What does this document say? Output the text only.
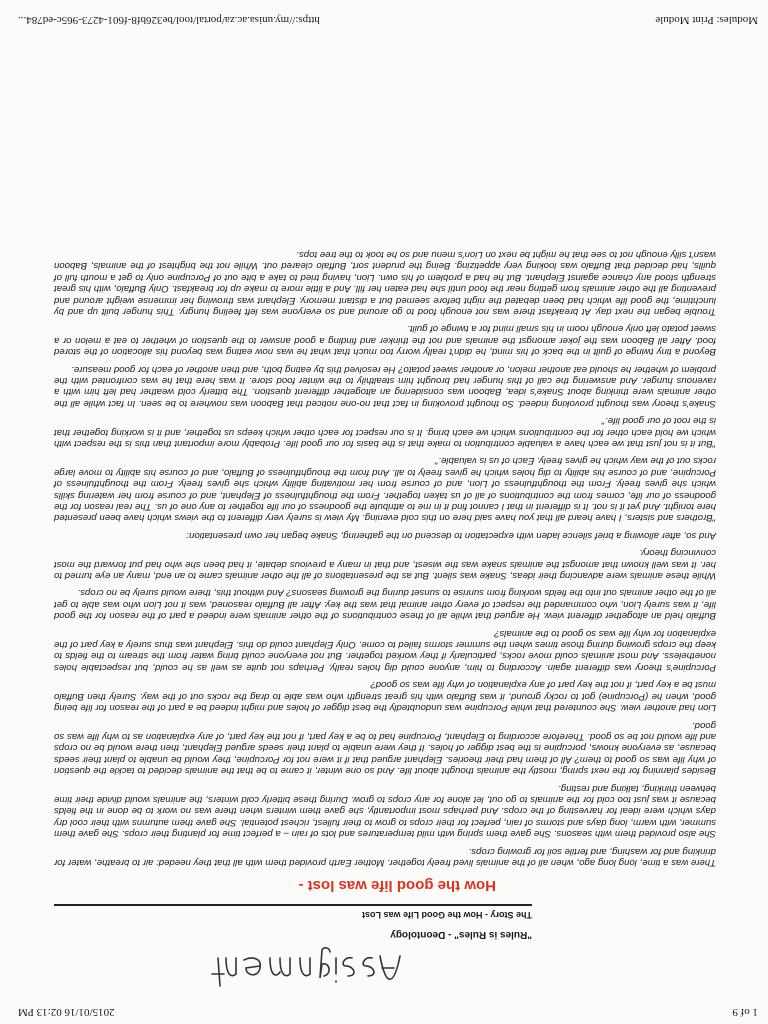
1 of 9
2015/01/16 02:13 PM
"Rules is Rules" - Deontology
The Story - How the Good Life was Lost
How the good life was lost -

There was a time, long long ago, when all of the animals lived freely together. Mother Earth provided them with all that they needed: air to breathe, water for drinking and for washing, and fertile soil for growing crops.

She also provided them with seasons. She gave them spring with mild temperatures and lots of rain – a perfect time for planting their crops. She gave them summer, with warm, long days and storms of rain, perfect for their crops to grow to their fullest, richest potential. She gave them autumns with their cool dry days which were ideal for harvesting of the crops. And perhaps most importantly, she gave them winters when there was no work to be done in the fields because it was just too cold for the animals to go out, let alone for any crops to grow. During these bitterly cold winters, the animals would divide their time between thinking, talking and resting.

Besides planning for the next spring, mostly the animals thought about life. And so one winter, it came to be that the animals decided to tackle the question of why life was so good to them? All of them had their theories. Elephant argued that if it were not for Porcupine, they would be unable to plant their seeds because, as everyone knows, porcupine is the best digger of holes. If they were unable to plant their seeds argued Elephant, then there would be no crops and life would not be so good. Therefore according to Elephant, Porcupine had to be a key part, if not the key part, of any explanation as to why life was so good.

Lion had another view. She countered that while Porcupine was undoubtedly the best digger of holes and might indeed be a part of the reason for life being good, when he (Porcupine) got to rocky ground, it was Buffalo with his great strength who was able to drag the rocks out of the way. Surely then Buffalo must be a key part, if not the key part of any explanation of why life was so good?

Porcupine's theory was different again. According to him, anyone could dig holes really. Perhaps not quite as well as he could, but respectable holes nonetheless. And most animals could move rocks, particularly if they worked together. But not everyone could bring water from the stream to the fields to keep the crops growing during those times when the summer storms failed to come. Only Elephant could do this. Elephant was thus surely a key part of the explanation for why life was so good to the animals?

Buffalo held an altogether different view. He argued that while all of these contributions of the other animals were indeed a part of the reason for the good life, it was surely Lion, who commanded the respect of every other animal that was the key. After all Buffalo reasoned, was it not Lion who was able to get all of the other animals out into the fields working from sunrise to sunset during the growing seasons? And without this, there would surely be no crops.

While these animals were advancing their ideas, Snake was silent. But as the presentations of all the other animals came to an end, many an eye turned to her. It was well known that amongst the animals snake was the wisest, and that in many a previous debate, it had been she who had put forward the most convincing theory.

And so, after allowing a brief silence laden with expectation to descend on the gathering, Snake began her own presentation:

"Brothers and sisters, I have heard all that you have said here on this cold evening. My view is surely very different to the views which have been presented here tonight. And yet it is not. It is different in that I cannot find it in me to attribute the goodness of our life together to any one of us. The real reason for the goodness of our life, comes from the contributions of all of us taken together. From the thoughtfulness of Elephant, and of course from her watering skills which she gives freely. From the thoughtfulness of Lion, and of course from her motivating ability which she gives freely. From the thoughtfulness of Porcupine, and of course his ability to dig holes which he gives freely to all. And from the thoughtfulness of Buffalo, and of course his ability to move large rocks out of the way which he gives freely. Each of us is valuable."

"But it is not just that we each have a valuable contribution to make that is the basis for our good life. Probably more important than this is the respect with which we hold each other for the contributions which we each bring. It is our respect for each other which keeps us together, and it is working together that is the root of our good life."

Snake's theory was thought provoking indeed. So thought provoking in fact that no-one noticed that Baboon was nowhere to be seen. In fact while all the other animals were thinking about Snake's idea, Baboon was considering an altogether different question. The bitterly cold weather had left him with a ravenous hunger. And answering the call of this hunger had brought him stealthily to the winter food store. It was here that he was confronted with the problem of whether he should eat another melon, or another sweet potato? He resolved this by eating both, and then another of each for good measure.

Beyond a tiny twinge of guilt in the back of his mind, he didn't really worry too much that what he was now eating was beyond his allocation of the stored food. After all Baboon was the joker amongst the animals and not the thinker and finding a good answer to the question of whether to eat a melon or a sweet potato left only enough room in his small mind for a twinge of guilt.

Trouble began the next day. At breakfast there was not enough food to go around and so everyone was left feeling hungry. This hunger built up and by lunchtime, the good life which had been debated the night before seemed but a distant memory. Elephant was throwing her immense weight around and preventing all the other animals from getting near the food until she had eaten her fill. And a little more to make up for breakfast. Only Buffalo, with his great strength stood any chance against Elephant. But he had a problem of his own. Lion, having tried to take a bite out of Porcupine only to get a mouth full of quills, had decided that Buffalo was looking very appetizing. Being the prudent sort, Buffalo cleared out. While not the brightest of the animals, Baboon wasn't silly enough not to see that he might be next on Lion's menu and so he took to the tree tops.

Modules: Print Module
https://my.unisa.ac.za/portal/tool/be326bf8-f601-4273-965c-ed784...
